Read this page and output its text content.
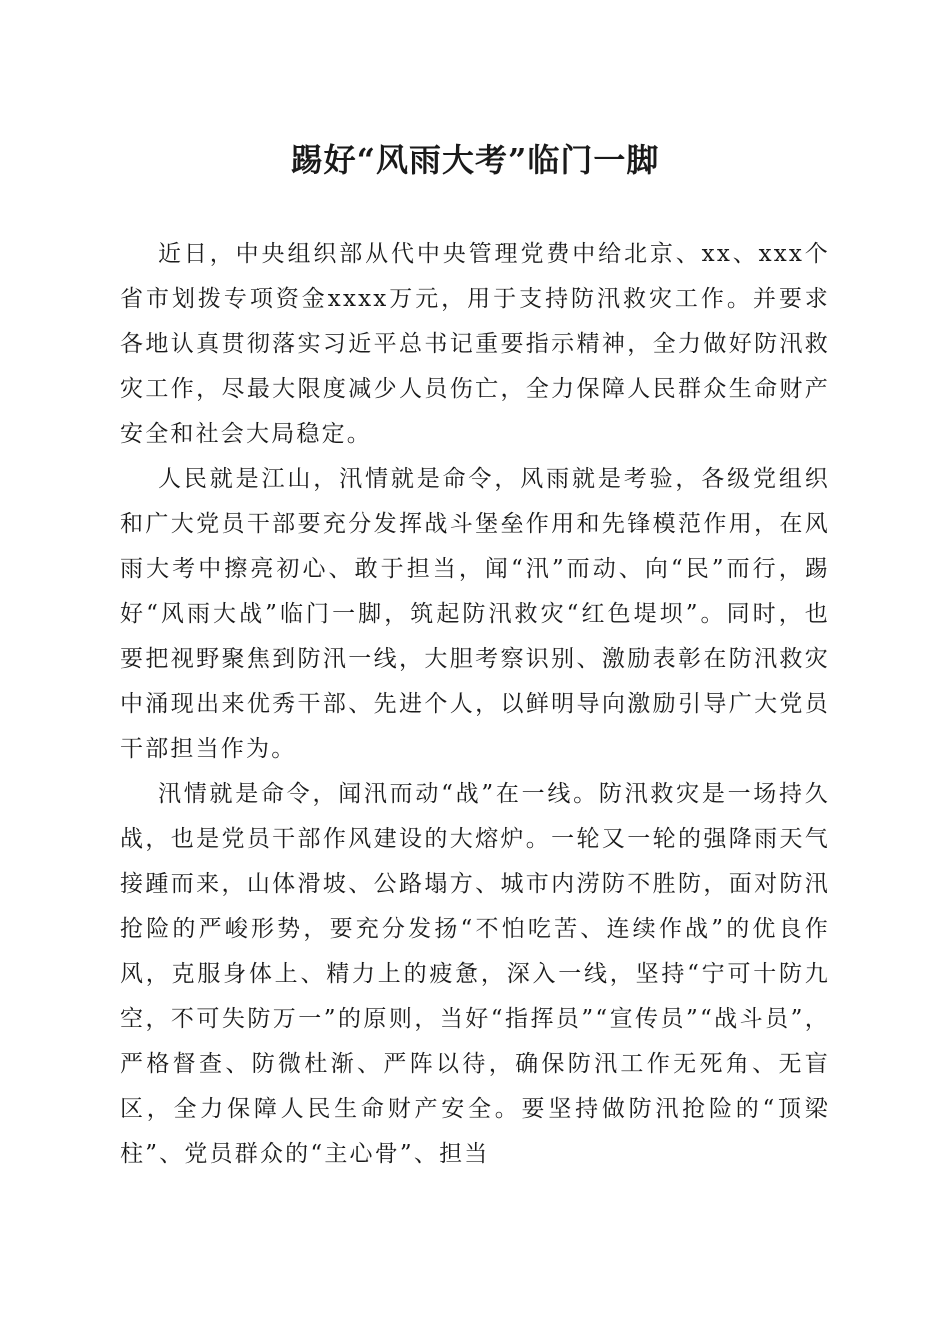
踢好“风雨大考”临门一脚

近日，中央组织部从代中央管理党费中给北京、xx、xxx个省市划拨专项资金xxxx万元，用于支持防汛救灾工作。并要求各地认真贯彻落实习近平总书记重要指示精神，全力做好防汛救灾工作，尽最大限度减少人员伤亡，全力保障人民群众生命财产安全和社会大局稳定。

人民就是江山，汛情就是命令，风雨就是考验，各级党组织和广大党员干部要充分发挥战斗堡垒作用和先锋模范作用，在风雨大考中擦亮初心、敢于担当，闻“汛”而动、向“民”而行，踢好“风雨大战”临门一脚，筑起防汛救灾“红色堤坝”。同时，也要把视野聚焦到防汛一线，大胆考察识别、激励表彰在防汛救灾中涌现出来优秀干部、先进个人，以鲜明导向激励引导广大党员干部担当作为。

汛情就是命令，闻汛而动“战”在一线。防汛救灾是一场持久战，也是党员干部作风建设的大熔炉。一轮又一轮的强降雨天气接踵而来，山体滑坡、公路塌方、城市内涝防不胜防，面对防汛抢险的严峻形势，要充分发扬“不怕吃苦、连续作战”的优良作风，克服身体上、精力上的疲惫，深入一线，坚持“宁可十防九空，不可失防万一”的原则，当好“指挥员”“宣传员”“战斗员”，严格督查、防微杜渐、严阵以待，确保防汛工作无死角、无盲区，全力保障人民生命财产安全。要坚持做防汛抢险的“顶梁柱”、党员群众的“主心骨”、担当
